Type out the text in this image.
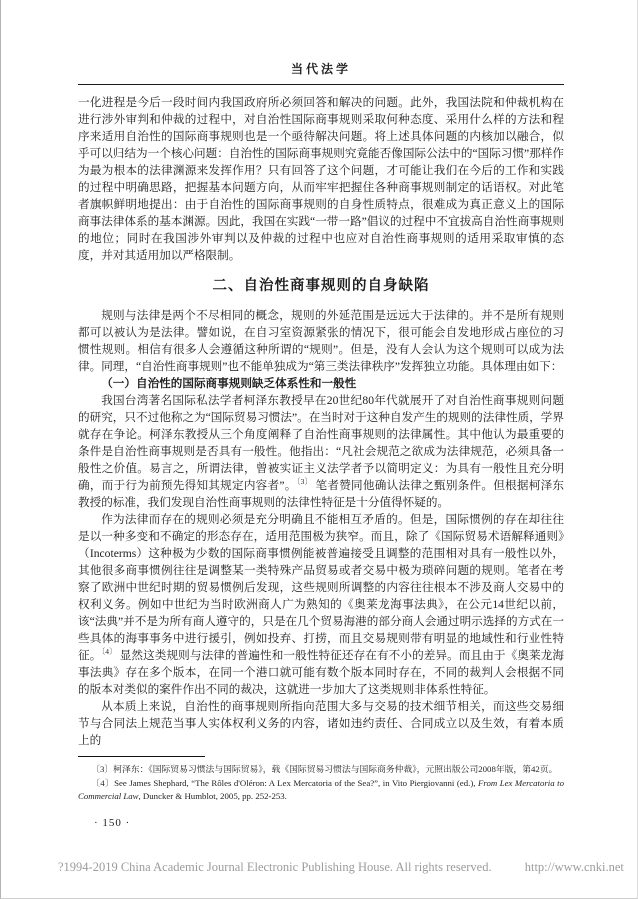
当代法学

一化进程是今后一段时间内我国政府所必须回答和解决的问题。此外，我国法院和仲裁机构在进行涉外审判和仲裁的过程中，对自治性国际商事规则采取何种态度、采用什么样的方法和程序来适用自治性的国际商事规则也是一个亟待解决问题。将上述具体问题的内核加以融合，似乎可以归结为一个核心问题：自治性的国际商事规则究竟能否像国际公法中的“国际习惯”那样作为最为根本的法律渊源来发挥作用？只有回答了这个问题，才可能让我们在今后的工作和实践的过程中明确思路，把握基本问题方向，从而牢牢把握住各种商事规则制定的话语权。对此笔者旗帜鲜明地提出：由于自治性的国际商事规则的自身性质特点，很难成为真正意义上的国际商事法律体系的基本渊源。因此，我国在实践“一带一路”倡议的过程中不宜拔高自治性商事规则的地位；同时在我国涉外审判以及仲裁的过程中也应对自治性商事规则的适用采取审慎的态度，并对其适用加以严格限制。

二、自治性商事规则的自身缺陷

规则与法律是两个不尽相同的概念，规则的外延范围是远远大于法律的。并不是所有规则都可以被认为是法律。譬如说，在自习室资源紧张的情况下，很可能会自发地形成占座位的习惯性规则。相信有很多人会遵循这种所谓的“规则”。但是，没有人会认为这个规则可以成为法律。同理，“自治性商事规则”也不能单独成为“第三类法律秩序”发挥独立功能。具体理由如下：

（一）自治性的国际商事规则缺乏体系性和一般性

我国台湾著名国际私法学者柯泽东教授早在20世纪80年代就展开了对自治性商事规则问题的研究，只不过他称之为“国际贸易习惯法”。在当时对于这种自发产生的规则的法律性质，学界就存在争论。柯泽东教授从三个角度阐释了自治性商事规则的法律属性。其中他认为最重要的条件是自治性商事规则是否具有一般性。他指出：“凡社会规范之欲成为法律规范，必须具备一般性之价值。易言之，所谓法律，曾被实证主义法学者予以简明定义：为具有一般性且充分明确，而于行为前预先得知其规定内容者”。$^{〔3〕}$ 笔者赞同他确认法律之甄别条件。但根据柯泽东教授的标准，我们发现自治性商事规则的法律性特征是十分值得怀疑的。

作为法律而存在的规则必须是充分明确且不能相互矛盾的。但是，国际惯例的存在却往往是以一种多变和不确定的形态存在，适用范围极为狭窄。而且，除了《国际贸易术语解释通则》（Incoterms）这种极为少数的国际商事惯例能被普遍接受且调整的范围相对具有一般性以外，其他很多商事惯例往往是调整某一类特殊产品贸易或者交易中极为琐碎问题的规则。笔者在考察了欧洲中世纪时期的贸易惯例后发现，这些规则所调整的内容往往根本不涉及商人交易中的权利义务。例如中世纪为当时欧洲商人广为熟知的《奥莱龙海事法典》，在公元14世纪以前，该“法典”并不是为所有商人遵守的，只是在几个贸易海港的部分商人会通过明示选择的方式在一些具体的海事事务中进行援引，例如投弃、打捞，而且交易规则带有明显的地域性和行业性特征。$^{〔4〕}$ 显然这类规则与法律的普遍性和一般性特征还存在有不小的差异。而且由于《奥莱龙海事法典》存在多个版本，在同一个港口就可能有数个版本同时存在，不同的裁判人会根据不同的版本对类似的案件作出不同的裁决，这就进一步加大了这类规则非体系性特征。

从本质上来说，自治性的商事规则所指向范围大多与交易的技术细节相关，而这些交易细节与合同法上规范当事人实体权利义务的内容，诸如违约责任、合同成立以及生效，有着本质上的

〔3〕柯泽东：《国际贸易习惯法与国际贸易》，载《国际贸易习惯法与国际商务仲裁》，元照出版公司2008年版，第42页。

〔4〕See James Shephard, “The Rôles d'Oléron: A Lex Mercatoria of the Sea?”, in Vito Piergiovanni (ed.), From Lex Mercatoria to Commercial Law, Duncker & Humblot, 2005, pp. 252-253.

· 150 ·
?1994-2019 China Academic Journal Electronic Publishing House. All rights reserved.	http://www.cnki.net
